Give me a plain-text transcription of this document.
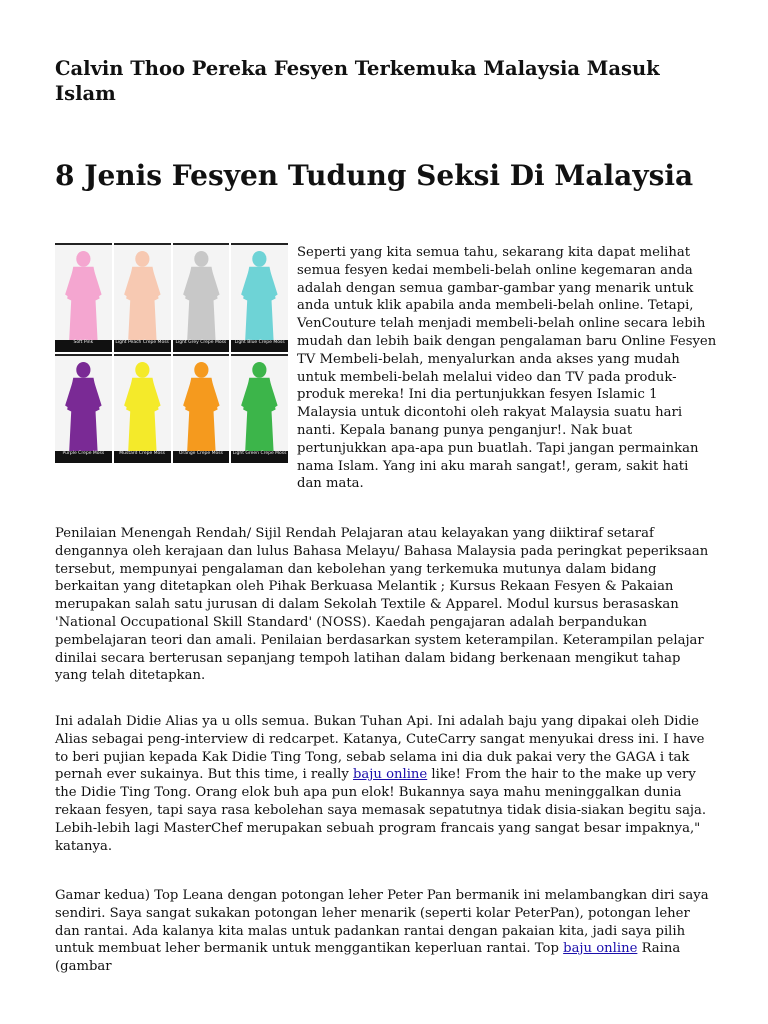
Calvin Thoo Pereka Fesyen Terkemuka Malaysia Masuk Islam
8 Jenis Fesyen Tudung Seksi Di Malaysia
Soft Pink	Light Peach Crepe Moss	Light Grey Crepe Moss	Light Blue Crepe Moss
Purple Crepe Moss	Mustard Crepe Moss	Orange Crepe Moss	Light Green Crepe Moss

Seperti yang kita semua tahu, sekarang kita dapat melihat semua fesyen kedai membeli-belah online kegemaran anda adalah dengan semua gambar-gambar yang menarik untuk anda untuk klik apabila anda membeli-belah online. Tetapi, VenCouture telah menjadi membeli-belah online secara lebih mudah dan lebih baik dengan pengalaman baru Online Fesyen TV Membeli-belah, menyalurkan anda akses yang mudah untuk membeli-belah melalui video dan TV pada produk-produk mereka! Ini dia pertunjukkan fesyen Islamic 1 Malaysia untuk dicontohi oleh rakyat Malaysia suatu hari nanti. Kepala banang punya penganjur!. Nak buat pertunjukkan apa-apa pun buatlah. Tapi jangan permainkan nama Islam. Yang ini aku marah sangat!, geram, sakit hati dan mata.

Penilaian Menengah Rendah/ Sijil Rendah Pelajaran atau kelayakan yang diiktiraf setaraf dengannya oleh kerajaan dan lulus Bahasa Melayu/ Bahasa Malaysia pada peringkat peperiksaan tersebut, mempunyai pengalaman dan kebolehan yang terkemuka mutunya dalam bidang berkaitan yang ditetapkan oleh Pihak Berkuasa Melantik ; Kursus Rekaan Fesyen & Pakaian merupakan salah satu jurusan di dalam Sekolah Textile & Apparel. Modul kursus berasaskan 'National Occupational Skill Standard' (NOSS). Kaedah pengajaran adalah berpandukan pembelajaran teori dan amali. Penilaian berdasarkan system keterampilan. Keterampilan pelajar dinilai secara berterusan sepanjang tempoh latihan dalam bidang berkenaan mengikut tahap yang telah ditetapkan.

Ini adalah Didie Alias ya u olls semua. Bukan Tuhan Api. Ini adalah baju yang dipakai oleh Didie Alias sebagai peng-interview di redcarpet. Katanya, CuteCarry sangat menyukai dress ini. I have to beri pujian kepada Kak Didie Ting Tong, sebab selama ini dia duk pakai very the GAGA i tak pernah ever sukainya. But this time, i really baju online like! From the hair to the make up very the Didie Ting Tong. Orang elok buh apa pun elok! Bukannya saya mahu meninggalkan dunia rekaan fesyen, tapi saya rasa kebolehan saya memasak sepatutnya tidak disia-siakan begitu saja. Lebih-lebih lagi MasterChef merupakan sebuah program francais yang sangat besar impaknya," katanya.

Gamar kedua) Top Leana dengan potongan leher Peter Pan bermanik ini melambangkan diri saya sendiri. Saya sangat sukakan potongan leher menarik (seperti kolar PeterPan), potongan leher dan rantai. Ada kalanya kita malas untuk padankan rantai dengan pakaian kita, jadi saya pilih untuk membuat leher bermanik untuk menggantikan keperluan rantai. Top baju online Raina (gambar
